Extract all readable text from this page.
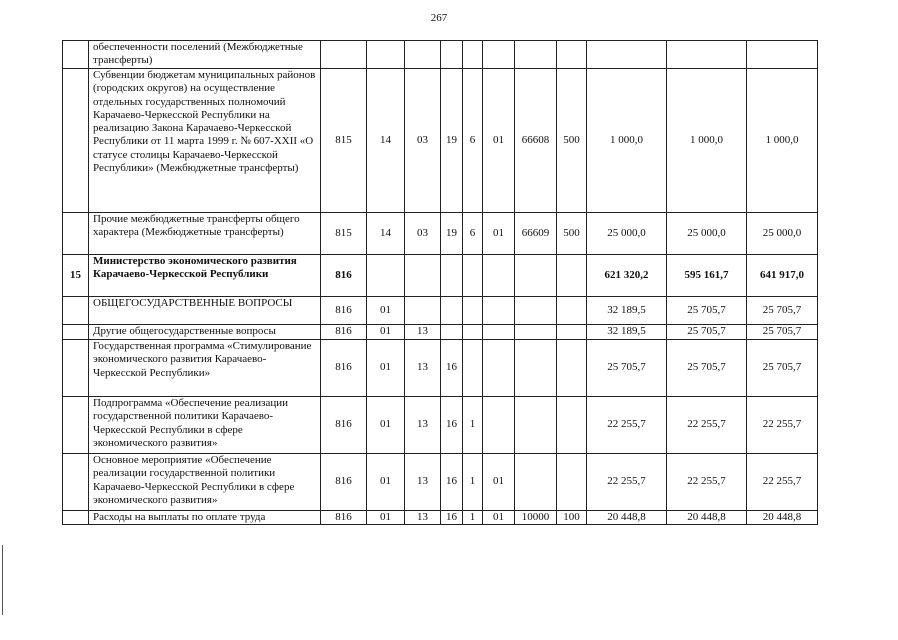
267
	обеспеченности поселений (Межбюджетные трансферты)											
	Субвенции бюджетам муниципальных районов (городских округов) на осуществление отдельных государственных полномочий Карачаево-Черкесской Республики на реализацию Закона Карачаево-Черкесской Республики от 11 марта 1999 г. № 607-XXII «О статусе столицы Карачаево-Черкесской Республики» (Межбюджетные трансферты)	815	14	03	19	6	01	66608	500	1 000,0	1 000,0	1 000,0
	Прочие межбюджетные трансферты общего характера (Межбюджетные трансферты)	815	14	03	19	6	01	66609	500	25 000,0	25 000,0	25 000,0
15	Министерство экономического развития Карачаево-Черкесской Республики	816								621 320,2	595 161,7	641 917,0
	ОБЩЕГОСУДАРСТВЕННЫЕ ВОПРОСЫ	816	01							32 189,5	25 705,7	25 705,7
	Другие общегосударственные вопросы	816	01	13						32 189,5	25 705,7	25 705,7
	Государственная программа «Стимулирование экономического развития Карачаево-Черкесской Республики»	816	01	13	16					25 705,7	25 705,7	25 705,7
	Подпрограмма «Обеспечение реализации государственной политики Карачаево-Черкесской Республики в сфере экономического развития»	816	01	13	16	1				22 255,7	22 255,7	22 255,7
	Основное мероприятие «Обеспечение реализации государственной политики Карачаево-Черкесской Республики в сфере экономического развития»	816	01	13	16	1	01			22 255,7	22 255,7	22 255,7
	Расходы на выплаты по оплате труда	816	01	13	16	1	01	10000	100	20 448,8	20 448,8	20 448,8
